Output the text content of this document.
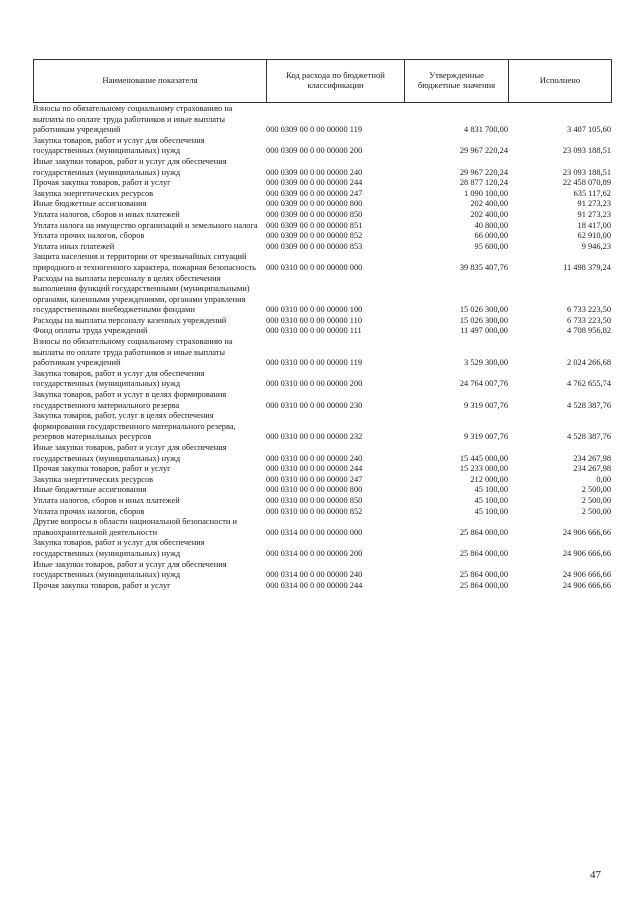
Наименование показателя	Код расхода по бюджетной классификации	Утвержденные бюджетные значения	Исполнено
Взносы по обязательному социальному страхованию на выплаты по оплате труда работников и иные выплаты работникам учреждений	000 0309 00 0 00 00000 119	4 831 700,00	3 407 105,60
Закупка товаров, работ и услуг для обеспечения государственных (муниципальных) нужд	000 0309 00 0 00 00000 200	29 967 220,24	23 093 188,51
Иные закупки товаров, работ и услуг для обеспечения государственных (муниципальных) нужд	000 0309 00 0 00 00000 240	29 967 220,24	23 093 188,51
Прочая закупка товаров, работ и услуг	000 0309 00 0 00 00000 244	28 877 120,24	22 458 070,89
Закупка энергетических ресурсов	000 0309 00 0 00 00000 247	1 090 100,00	635 117,62
Иные бюджетные ассигнования	000 0309 00 0 00 00000 800	202 400,00	91 273,23
Уплата налогов, сборов и иных платежей	000 0309 00 0 00 00000 850	202 400,00	91 273,23
Уплата налога на имущество организаций и земельного налога 000 0309 00 0 00 00000 851	40 800,00	18 417,00
Уплата прочих налогов, сборов	000 0309 00 0 00 00000 852	66 000,00	62 910,00
Уплата иных платежей	000 0309 00 0 00 00000 853	95 600,00	9 946,23
Защита населения и территории от чрезвычайных ситуаций природного и техногенного характера, пожарная безопасность	000 0310 00 0 00 00000 000	39 835 407,76	11 498 379,24
Расходы на выплаты персоналу в целях обеспечения выполнения функций государственными (муниципальными) органами, казенными учреждениями, органами управления государственными внебюджетными фондами	000 0310 00 0 00 00000 100	15 026 300,00	6 733 223,50
Расходы на выплаты персоналу казенных учреждений	000 0310 00 0 00 00000 110	15 026 300,00	6 733 223,50
Фонд оплаты труда учреждений	000 0310 00 0 00 00000 111	11 497 000,00	4 708 956,82
Взносы по обязательному социальному страхованию на выплаты по оплате труда работников и иные выплаты работникам учреждений	000 0310 00 0 00 00000 119	3 529 300,00	2 024 266,68
Закупка товаров, работ и услуг для обеспечения государственных (муниципальных) нужд	000 0310 00 0 00 00000 200	24 764 007,76	4 762 655,74
Закупка товаров, работ и услуг в целях формирования государственного материального резерва	000 0310 00 0 00 00000 230	9 319 007,76	4 528 387,76
Закупка товаров, работ, услуг в целях обеспечения формирования государственного материального резерва, резервов материальных ресурсов	000 0310 00 0 00 00000 232	9 319 007,76	4 528 387,76
Иные закупки товаров, работ и услуг для обеспечения государственных (муниципальных) нужд	000 0310 00 0 00 00000 240	15 445 000,00	234 267,98
Прочая закупка товаров, работ и услуг	000 0310 00 0 00 00000 244	15 233 000,00	234 267,98
Закупка энергетических ресурсов	000 0310 00 0 00 00000 247	212 000,00	0,00
Иные бюджетные ассигнования	000 0310 00 0 00 00000 800	45 100,00	2 500,00
Уплата налогов, сборов и иных платежей	000 0310 00 0 00 00000 850	45 100,00	2 500,00
Уплата прочих налогов, сборов	000 0310 00 0 00 00000 852	45 100,00	2 500,00
Другие вопросы в области национальной безопасности и правоохранительной деятельности	000 0314 00 0 00 00000 000	25 864 000,00	24 906 666,66
Закупка товаров, работ и услуг для обеспечения государственных (муниципальных) нужд	000 0314 00 0 00 00000 200	25 864 000,00	24 906 666,66
Иные закупки товаров, работ и услуг для обеспечения государственных (муниципальных) нужд	000 0314 00 0 00 00000 240	25 864 000,00	24 906 666,66
Прочая закупка товаров, работ и услуг	000 0314 00 0 00 00000 244	25 864 000,00	24 906 666,66
47
